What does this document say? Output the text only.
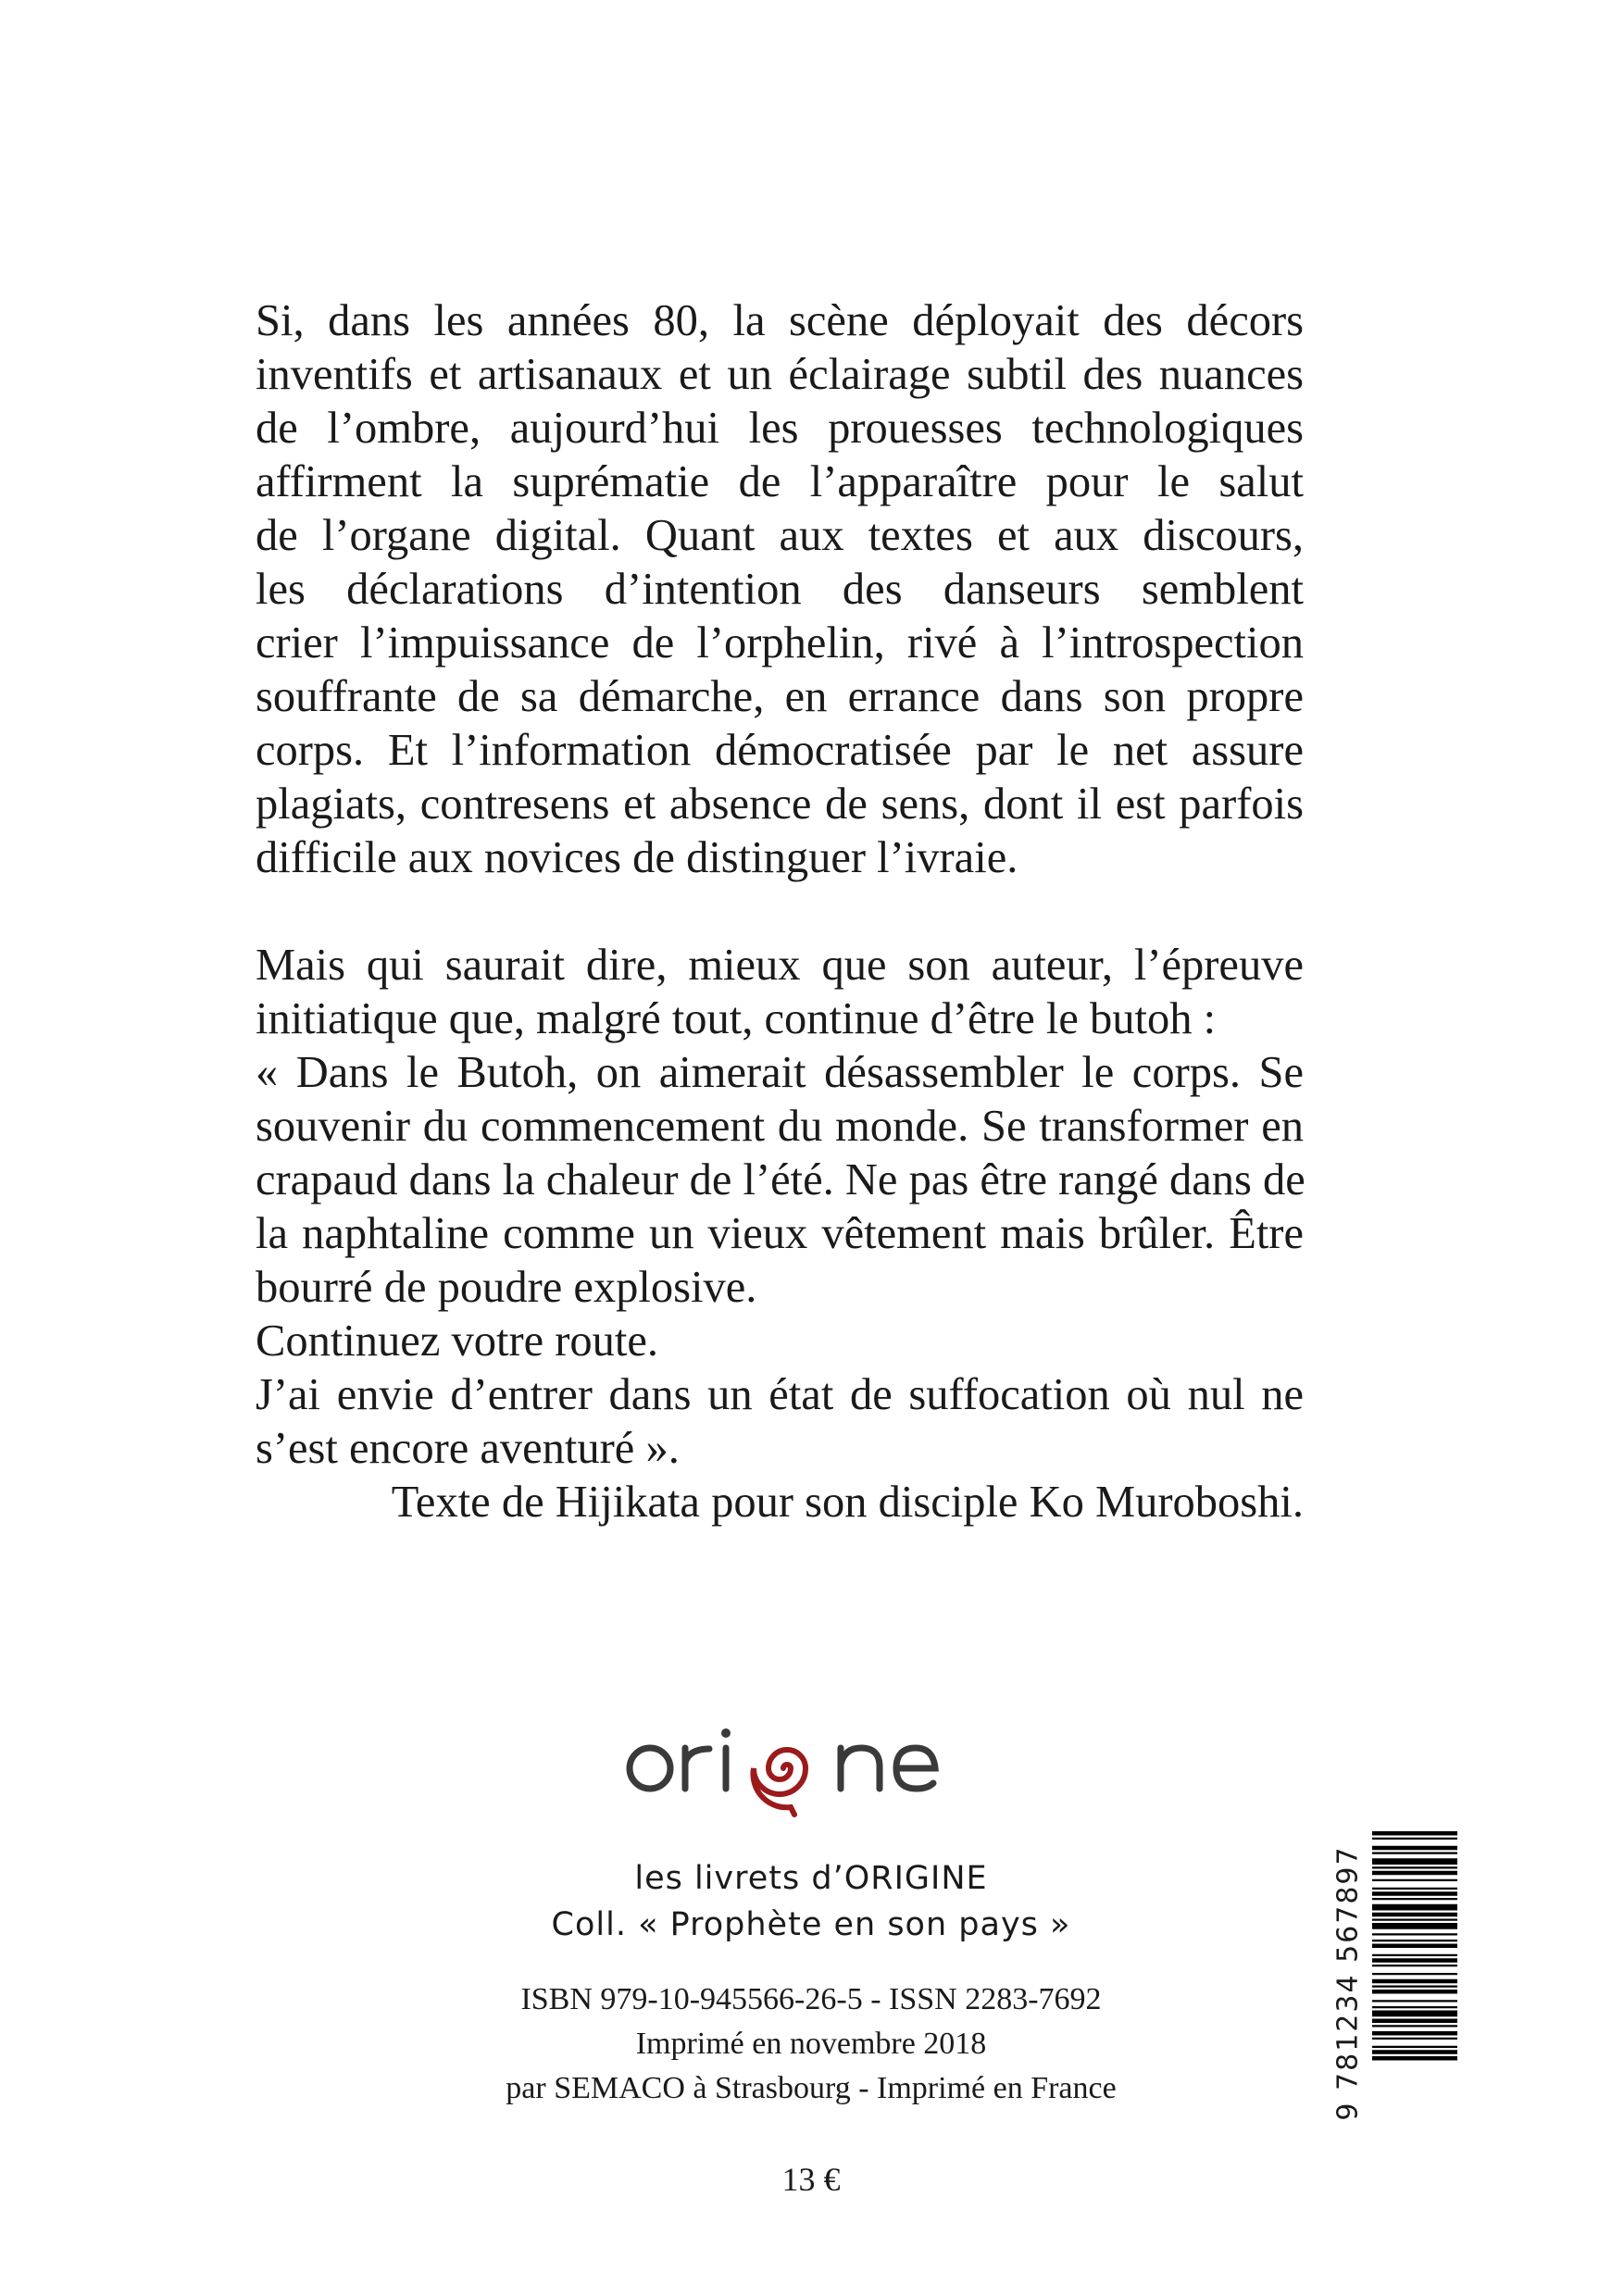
Si, dans les années 80, la scène déployait des décors
inventifs et artisanaux et un éclairage subtil des nuances
de l’ombre, aujourd’hui les prouesses technologiques
affirment la suprématie de l’apparaître pour le salut
de l’organe digital. Quant aux textes et aux discours,
les déclarations d’intention des danseurs semblent
crier l’impuissance de l’orphelin, rivé à l’introspection
souffrante de sa démarche, en errance dans son propre
corps. Et l’information démocratisée par le net assure
plagiats, contresens et absence de sens, dont il est parfois
difficile aux novices de distinguer l’ivraie.
Mais qui saurait dire, mieux que son auteur, l’épreuve
initiatique que, malgré tout, continue d’être le butoh :
« Dans le Butoh, on aimerait désassembler le corps. Se
souvenir du commencement du monde. Se transformer en
crapaud dans la chaleur de l’été. Ne pas être rangé dans de
la naphtaline comme un vieux vêtement mais brûler. Être
bourré de poudre explosive.
Continuez votre route.
J’ai envie d’entrer dans un état de suffocation où nul ne
s’est encore aventuré ».
Texte de Hijikata pour son disciple Ko Muroboshi.
les livrets d’ORIGINE
Coll. « Prophète en son pays »
ISBN 979-10-945566-26-5 - ISSN 2283-7692
Imprimé en novembre 2018
par SEMACO à Strasbourg - Imprimé en France
13 €
9 781234 567897
